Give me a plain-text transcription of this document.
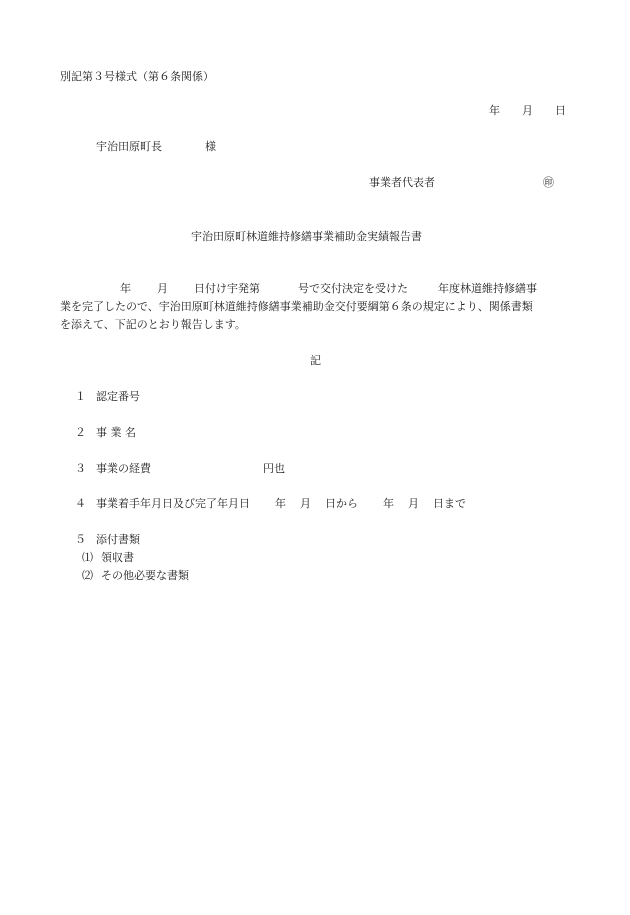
別記第３号様式（第６条関係）
年 月 日
宇治田原町長	様
事業者代表者	㊞
宇治田原町林道維持修繕事業補助金実績報告書
年 月 日付け宇発第	号で交付決定を受けた	年度林道維持修繕事
業を完了したので、宇治田原町林道維持修繕事業補助金交付要綱第６条の規定により、関係書類
を添えて、下記のとおり報告します。
記
１ 認定番号
２ 事 業 名
３ 事業の経費	円也
４ 事業着手年月日及び完了年月日 年 月 日から 年 月 日まで
５ 添付書類
⑴ 領収書
⑵ その他必要な書類
